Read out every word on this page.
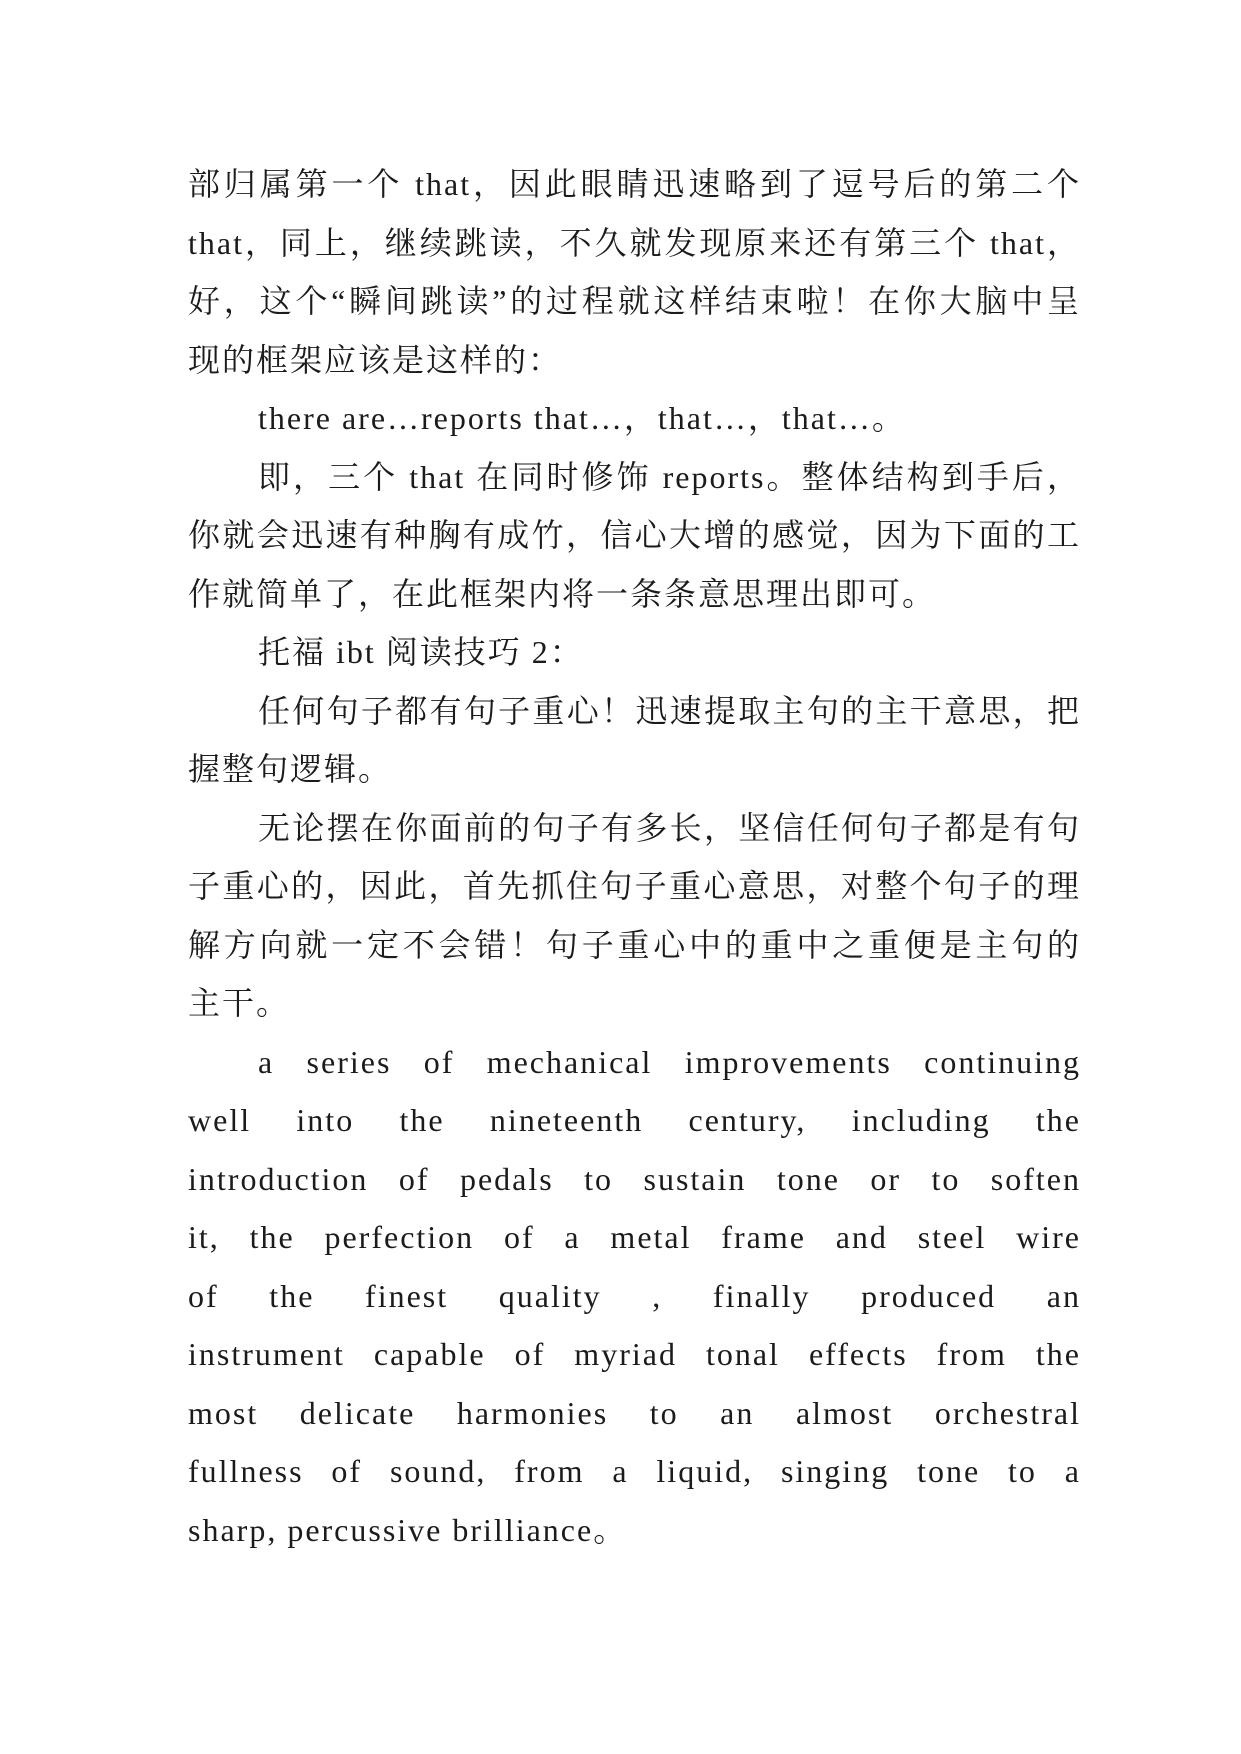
部归属第一个 that，因此眼睛迅速略到了逗号后的第二个
that，同上，继续跳读，不久就发现原来还有第三个 that，
好，这个“瞬间跳读”的过程就这样结束啦！在你大脑中呈
现的框架应该是这样的：
there are…reports that…，that…，that…。
即，三个 that 在同时修饰 reports。整体结构到手后，
你就会迅速有种胸有成竹，信心大增的感觉，因为下面的工
作就简单了，在此框架内将一条条意思理出即可。
托福 ibt 阅读技巧 2：
任何句子都有句子重心！迅速提取主句的主干意思，把
握整句逻辑。
无论摆在你面前的句子有多长，坚信任何句子都是有句
子重心的，因此，首先抓住句子重心意思，对整个句子的理
解方向就一定不会错！句子重心中的重中之重便是主句的
主干。
a series of mechanical improvements continuing
well into the nineteenth century, including the
introduction of pedals to sustain tone or to soften
it, the perfection of a metal frame and steel wire
of the finest quality , finally produced an
instrument capable of myriad tonal effects from the
most delicate harmonies to an almost orchestral
fullness of sound, from a liquid, singing tone to a
sharp, percussive brilliance。
